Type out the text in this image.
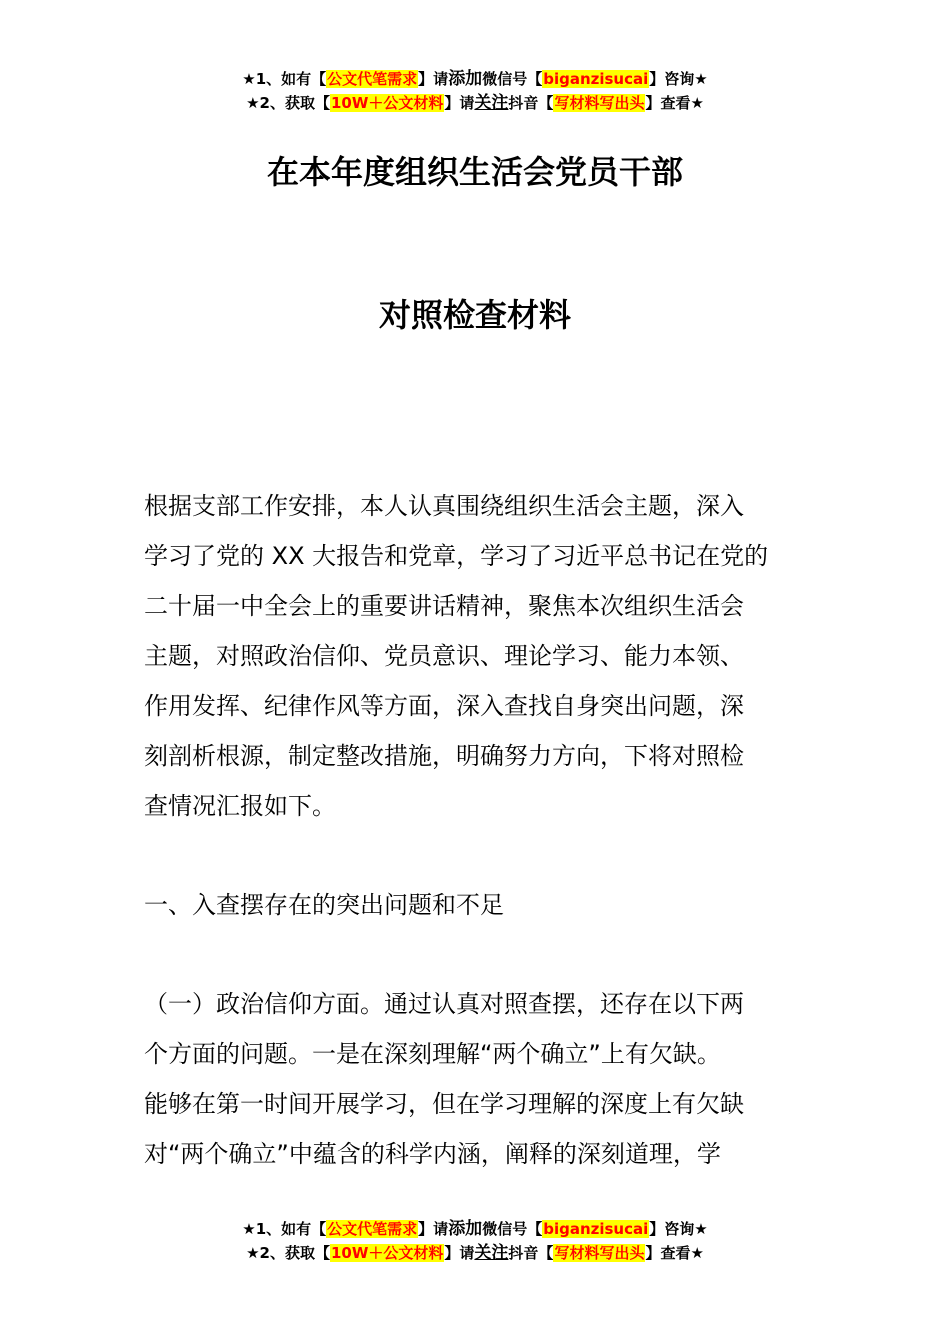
★1、如有【公文代笔需求】请添加微信号【biganzisucai】咨询★
★2、获取【10W＋公文材料】请关注抖音【写材料写出头】查看★
在本年度组织生活会党员干部
对照检查材料
根据支部工作安排，本人认真围绕组织生活会主题，深入
学习了党的 XX 大报告和党章，学习了习近平总书记在党的
二十届一中全会上的重要讲话精神，聚焦本次组织生活会
主题，对照政治信仰、党员意识、理论学习、能力本领、
作用发挥、纪律作风等方面，深入查找自身突出问题，深
刻剖析根源，制定整改措施，明确努力方向，下将对照检
查情况汇报如下。
一、入查摆存在的突出问题和不足
（一）政治信仰方面。通过认真对照查摆，还存在以下两
个方面的问题。一是在深刻理解“两个确立”上有欠缺。
能够在第一时间开展学习，但在学习理解的深度上有欠缺
对“两个确立”中蕴含的科学内涵，阐释的深刻道理，学
★1、如有【公文代笔需求】请添加微信号【biganzisucai】咨询★
★2、获取【10W＋公文材料】请关注抖音【写材料写出头】查看★
